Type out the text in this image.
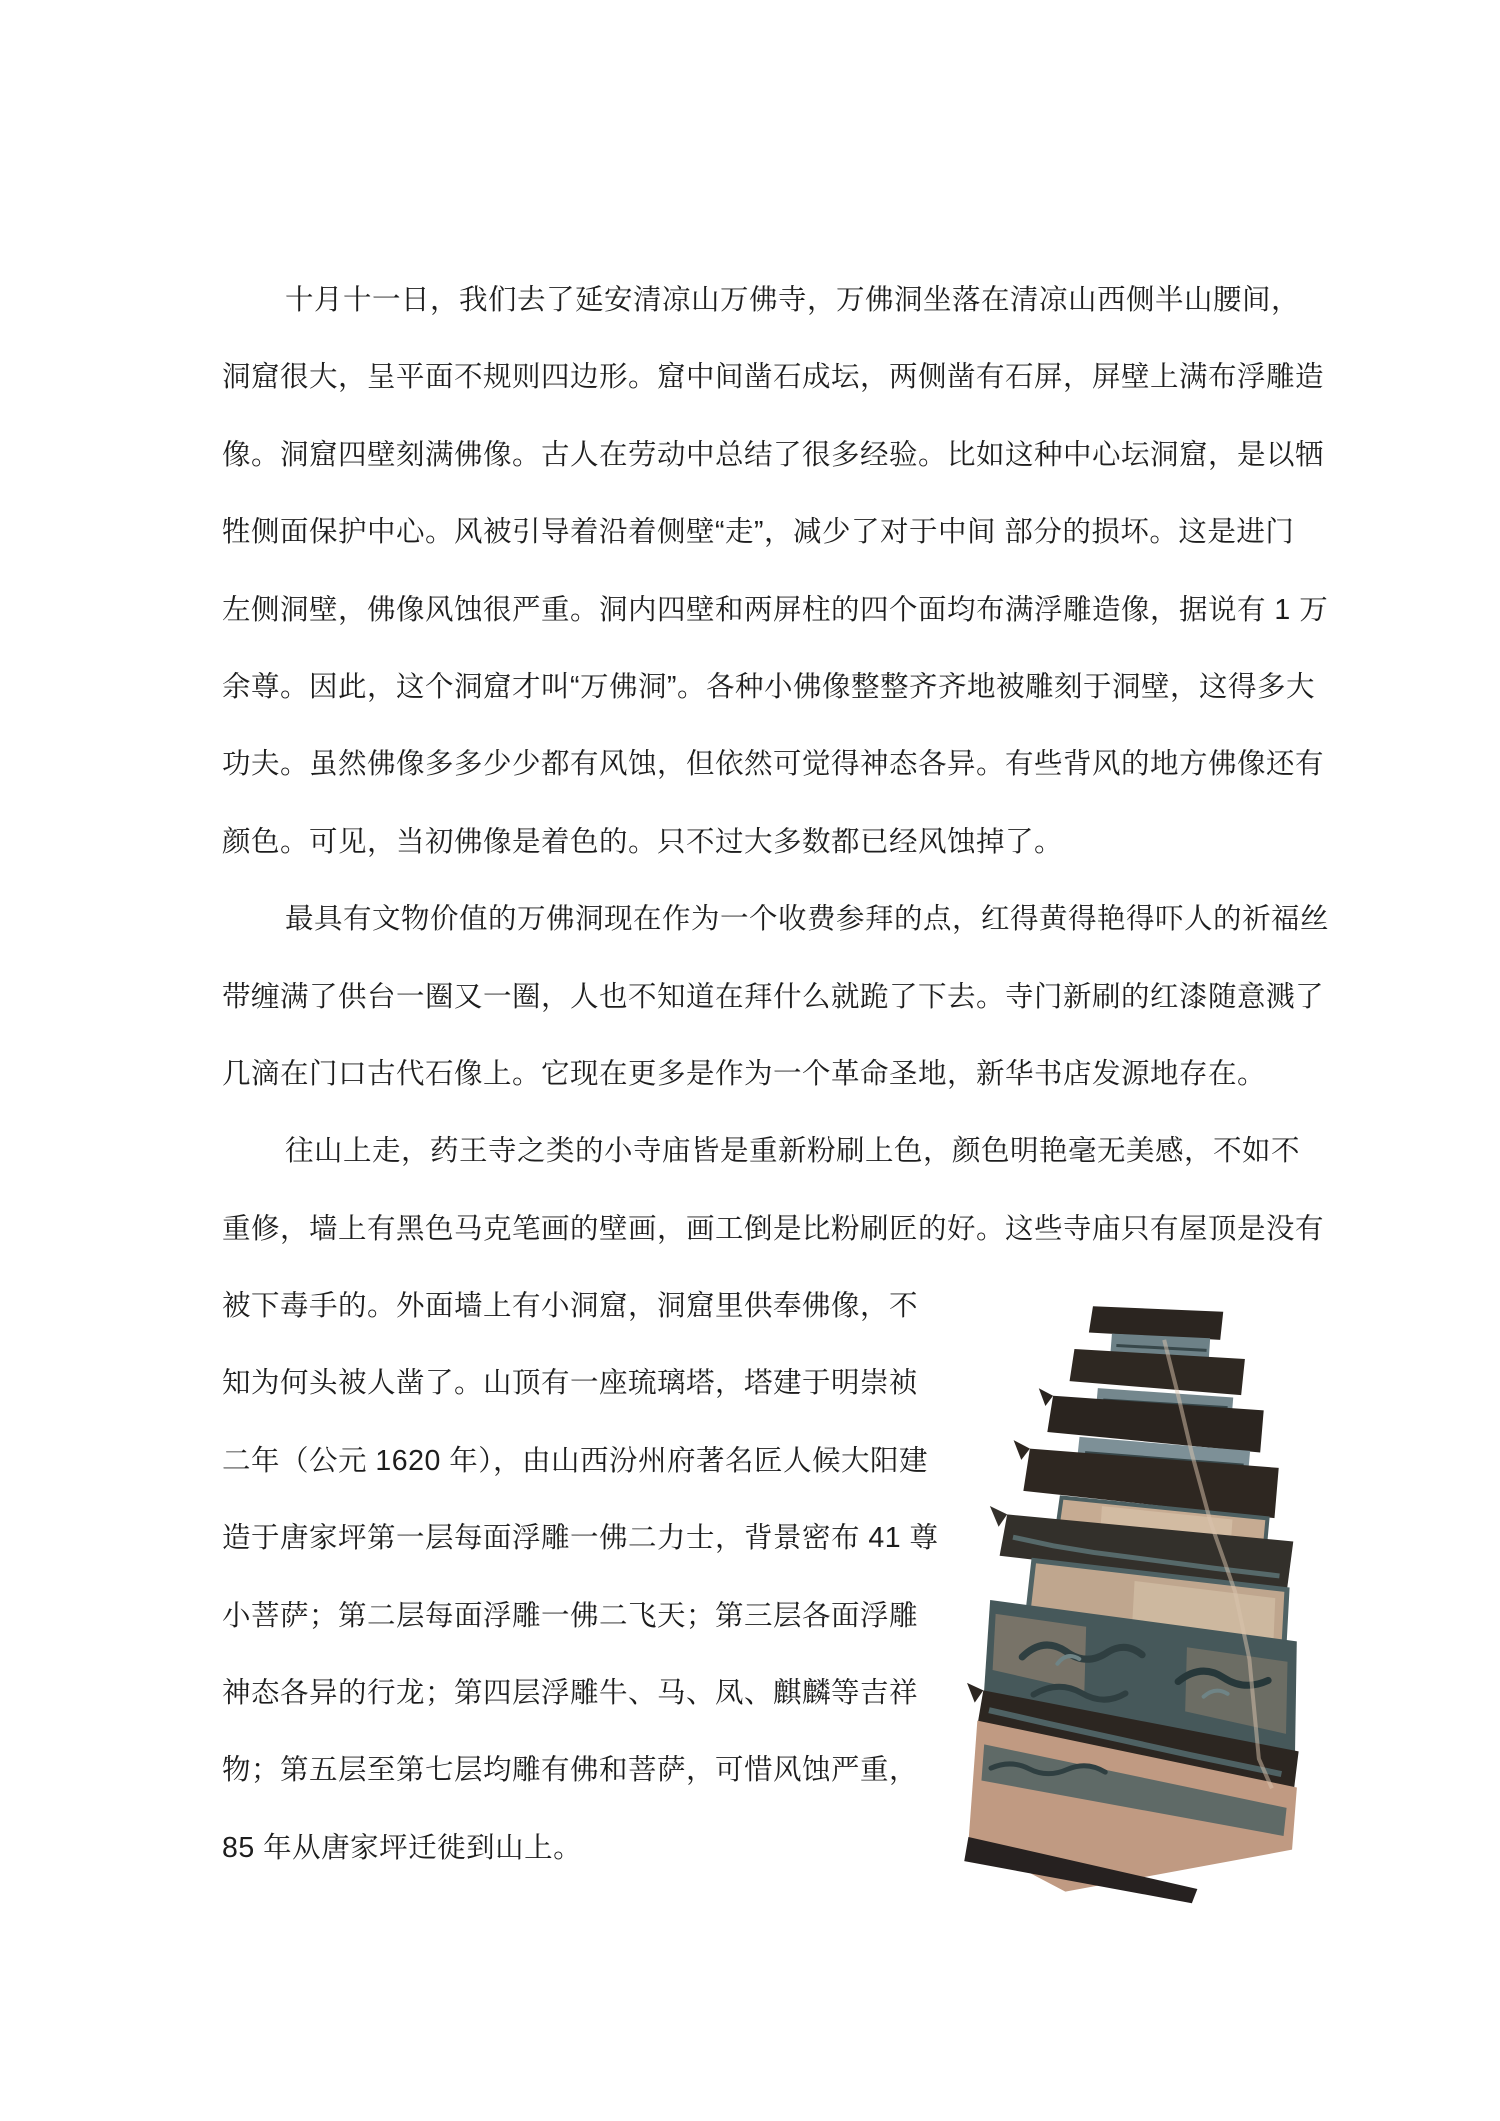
十月十一日，我们去了延安清凉山万佛寺，万佛洞坐落在清凉山西侧半山腰间，
洞窟很大，呈平面不规则四边形。窟中间凿石成坛，两侧凿有石屏，屏壁上满布浮雕造
像。洞窟四壁刻满佛像。古人在劳动中总结了很多经验。比如这种中心坛洞窟，是以牺
牲侧面保护中心。风被引导着沿着侧壁“走”，减少了对于中间 部分的损坏。这是进门
左侧洞壁，佛像风蚀很严重。洞内四壁和两屏柱的四个面均布满浮雕造像，据说有 1 万
余尊。因此，这个洞窟才叫“万佛洞”。各种小佛像整整齐齐地被雕刻于洞壁，这得多大
功夫。虽然佛像多多少少都有风蚀，但依然可觉得神态各异。有些背风的地方佛像还有
颜色。可见，当初佛像是着色的。只不过大多数都已经风蚀掉了。
最具有文物价值的万佛洞现在作为一个收费参拜的点，红得黄得艳得吓人的祈福丝
带缠满了供台一圈又一圈，人也不知道在拜什么就跪了下去。寺门新刷的红漆随意溅了
几滴在门口古代石像上。它现在更多是作为一个革命圣地，新华书店发源地存在。
往山上走，药王寺之类的小寺庙皆是重新粉刷上色，颜色明艳毫无美感，不如不
重修，墙上有黑色马克笔画的壁画，画工倒是比粉刷匠的好。这些寺庙只有屋顶是没有
被下毒手的。外面墙上有小洞窟，洞窟里供奉佛像，不
知为何头被人凿了。山顶有一座琉璃塔，塔建于明崇祯
二年（公元 1620 年），由山西汾州府著名匠人候大阳建
造于唐家坪第一层每面浮雕一佛二力士，背景密布 41 尊
小菩萨；第二层每面浮雕一佛二飞天；第三层各面浮雕
神态各异的行龙；第四层浮雕牛、马、凤、麒麟等吉祥
物；第五层至第七层均雕有佛和菩萨，可惜风蚀严重，
85 年从唐家坪迁徙到山上。
